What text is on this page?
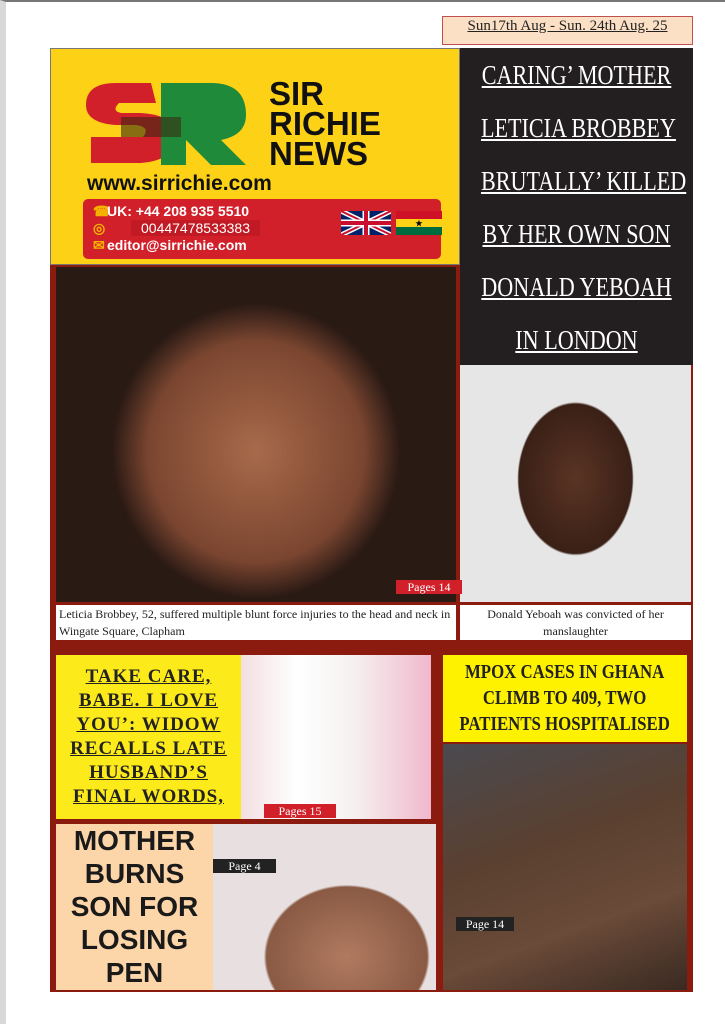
Sun17th Aug - Sun. 24th Aug. 25
SIR
RICHIE
NEWS
www.sirrichie.com
☎UK: +44 208 935 5510
◎	00447478533383
✉ editor@sirrichie.com
★
CARING’ MOTHER
LETICIA BROBBEY
BRUTALLY’ KILLED
BY HER OWN SON
DONALD YEBOAH
IN LONDON
Pages 14
Leticia Brobbey, 52, suffered multiple blunt force injuries to the head and neck in Wingate Square, Clapham
Donald Yeboah was convicted of her manslaughter
TAKE CARE,
BABE. I LOVE
YOU’: WIDOW
RECALLS LATE
HUSBAND’S
FINAL WORDS,
Pages 15
MPOX CASES IN GHANA CLIMB TO 409, TWO PATIENTS HOSPITALISED
Page 14
MOTHER
BURNS
SON FOR
LOSING
PEN
Page 4
